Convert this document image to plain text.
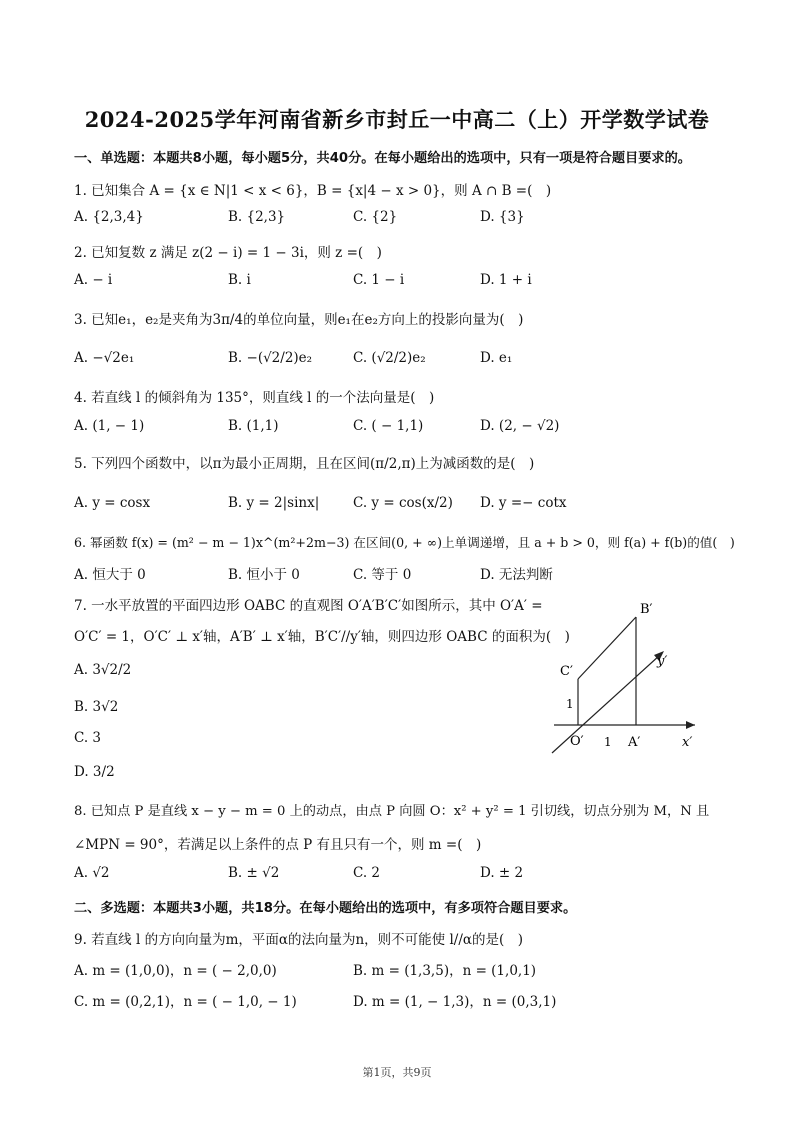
2024-2025学年河南省新乡市封丘一中高二（上）开学数学试卷
一、单选题：本题共8小题，每小题5分，共40分。在每小题给出的选项中，只有一项是符合题目要求的。
1. 已知集合 A = {x ∈ N|1 < x < 6}，B = {x|4 − x > 0}，则 A ∩ B =(　)
A. {2,3,4}	B. {2,3}	C. {2}	D. {3}
2. 已知复数 z 满足 z(2 − i) = 1 − 3i，则 z =(　)
A. − i	B. i	C. 1 − i	D. 1 + i
3. 已知e₁，e₂是夹角为3π/4的单位向量，则e₁在e₂方向上的投影向量为(　)
A. −√2e₁	B. −(√2/2)e₂	C. (√2/2)e₂	D. e₁
4. 若直线 l 的倾斜角为 135°，则直线 l 的一个法向量是(　)
A. (1, − 1)	B. (1,1)	C. ( − 1,1)	D. (2, − √2)
5. 下列四个函数中，以π为最小正周期，且在区间(π/2,π)上为减函数的是(　)
A. y = cosx	B. y = 2|sinx| C. y = cos(x/2) D. y =− cotx
6. 幂函数 f(x) = (m² − m − 1)x^(m²+2m−3) 在区间(0, + ∞)上单调递增，且 a + b > 0，则 f(a) + f(b)的值(　)
A. 恒大于 0	B. 恒小于 0	C. 等于 0	D. 无法判断
7. 一水平放置的平面四边形 OABC 的直观图 O′A′B′C′如图所示，其中 O′A′ =
O′C′ = 1，O′C′ ⊥ x′轴，A′B′ ⊥ x′轴，B′C′//y′轴，则四边形 OABC 的面积为(　)
A. 3√2/2
B. 3√2
C. 3
D. 3/2
B′
C′
1
O′ 1 A′	x′
y′
8. 已知点 P 是直线 x − y − m = 0 上的动点，由点 P 向圆 O：x² + y² = 1 引切线，切点分别为 M，N 且
∠MPN = 90°，若满足以上条件的点 P 有且只有一个，则 m =(　)
A. √2	B. ± √2	C. 2	D. ± 2
二、多选题：本题共3小题，共18分。在每小题给出的选项中，有多项符合题目要求。
9. 若直线 l 的方向向量为m，平面α的法向量为n，则不可能使 l//α的是(　)
A. m = (1,0,0)，n = ( − 2,0,0)	B. m = (1,3,5)，n = (1,0,1)
C. m = (0,2,1)，n = ( − 1,0, − 1)	D. m = (1, − 1,3)，n = (0,3,1)
第1页，共9页
